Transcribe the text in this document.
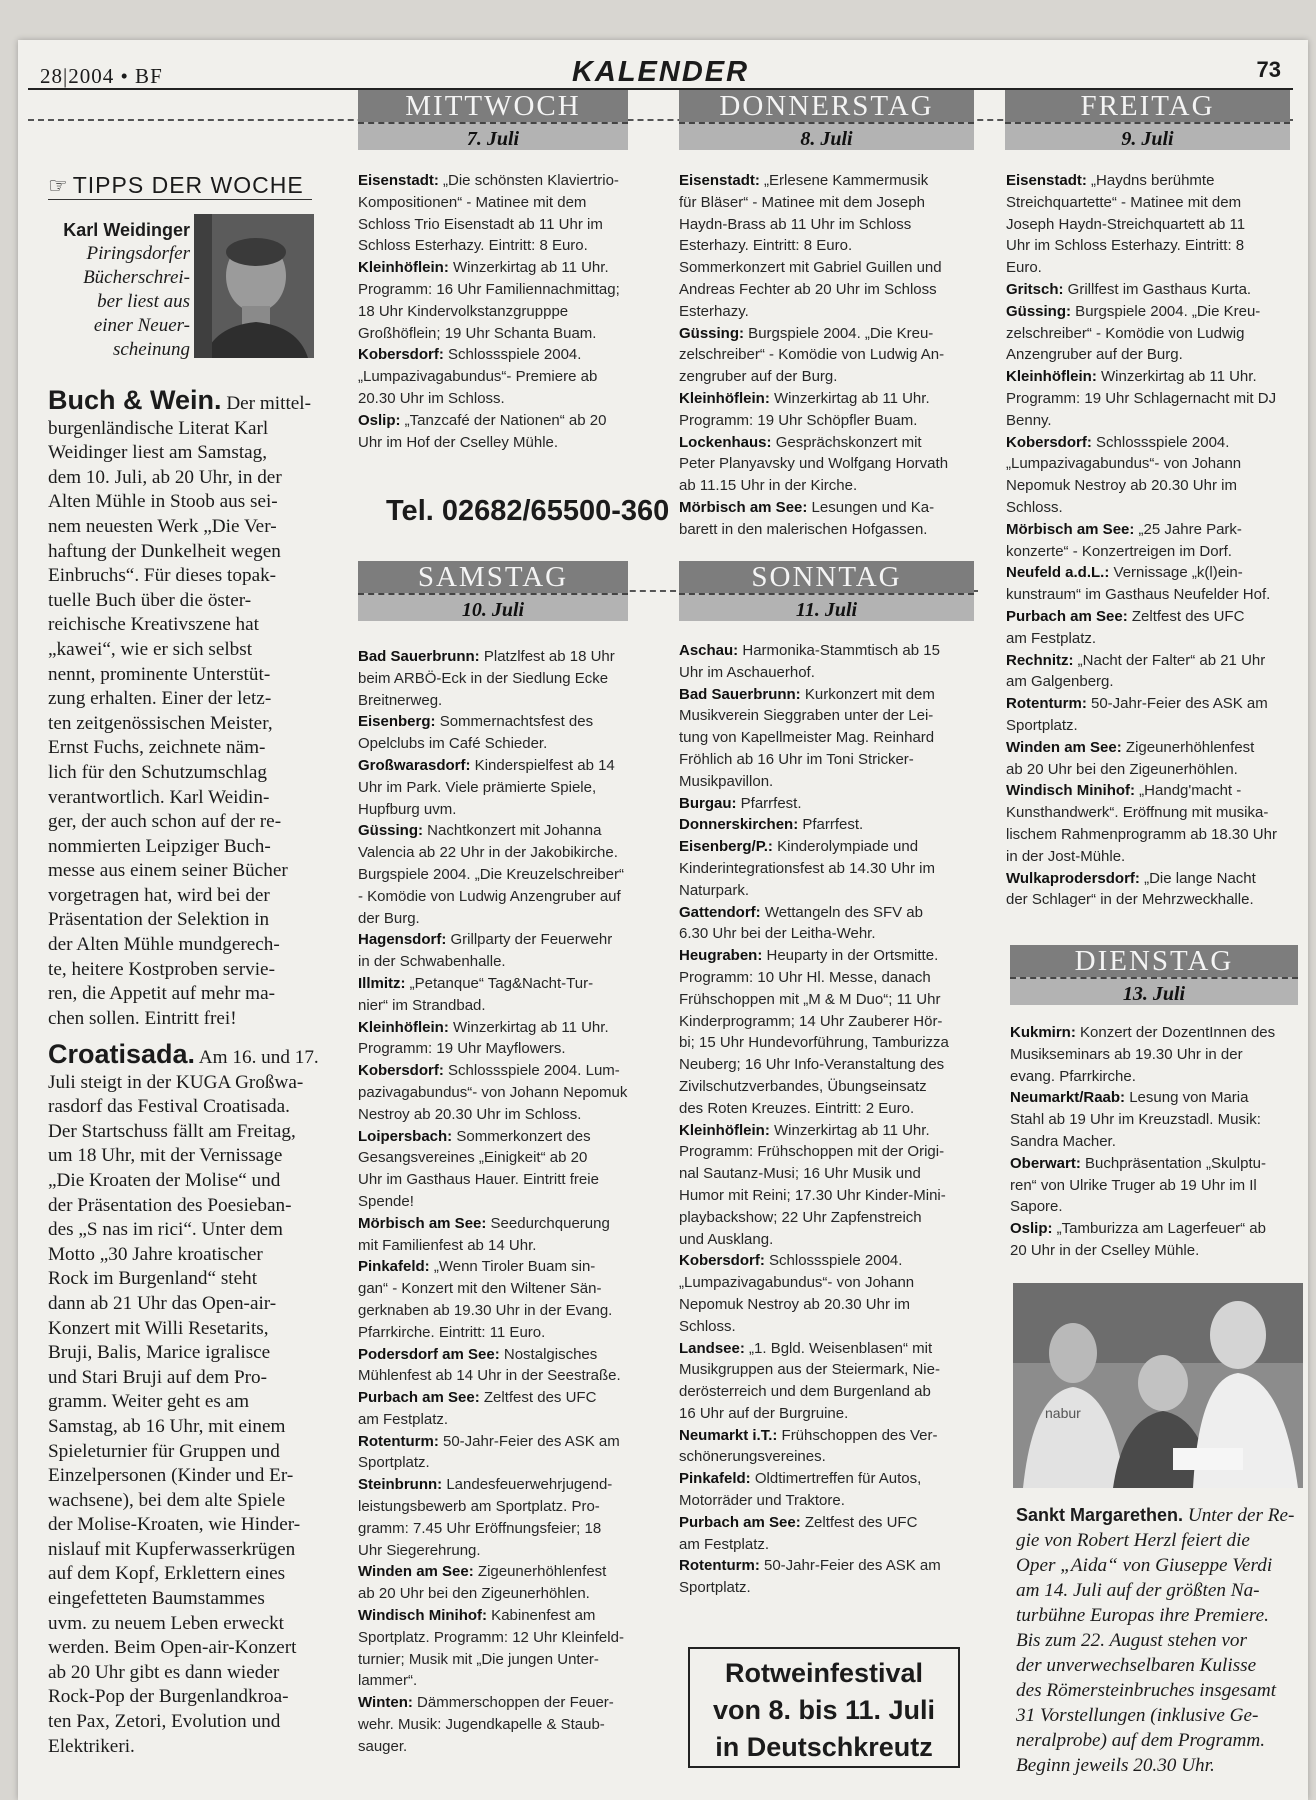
28|2004 • BF	KALENDER	73
MITTWOCH
7. Juli
DONNERSTAG
8. Juli
FREITAG
9. Juli
SAMSTAG
10. Juli
SONNTAG
11. Juli
DIENSTAG
13. Juli
☞ TIPPS DER WOCHE
Karl Weidinger
Piringsdorfer
Bücherschrei-
ber liest aus
einer Neuer-
scheinung
Buch & Wein. Der mittel-
burgenländische Literat Karl
Weidinger liest am Samstag,
dem 10. Juli, ab 20 Uhr, in der
Alten Mühle in Stoob aus sei-
nem neuesten Werk „Die Ver-
haftung der Dunkelheit wegen
Einbruchs“. Für dieses topak-
tuelle Buch über die öster-
reichische Kreativszene hat
„kawei“, wie er sich selbst
nennt, prominente Unterstüt-
zung erhalten. Einer der letz-
ten zeitgenössischen Meister,
Ernst Fuchs, zeichnete näm-
lich für den Schutzumschlag
verantwortlich. Karl Weidin-
ger, der auch schon auf der re-
nommierten Leipziger Buch-
messe aus einem seiner Bücher
vorgetragen hat, wird bei der
Präsentation der Selektion in
der Alten Mühle mundgerech-
te, heitere Kostproben servie-
ren, die Appetit auf mehr ma-
chen sollen. Eintritt frei!
Croatisada. Am 16. und 17.
Juli steigt in der KUGA Großwa-
rasdorf das Festival Croatisada.
Der Startschuss fällt am Freitag,
um 18 Uhr, mit der Vernissage
„Die Kroaten der Molise“ und
der Präsentation des Poesieban-
des „S nas im rici“. Unter dem
Motto „30 Jahre kroatischer
Rock im Burgenland“ steht
dann ab 21 Uhr das Open-air-
Konzert mit Willi Resetarits,
Bruji, Balis, Marice igralisce
und Stari Bruji auf dem Pro-
gramm. Weiter geht es am
Samstag, ab 16 Uhr, mit einem
Spieleturnier für Gruppen und
Einzelpersonen (Kinder und Er-
wachsene), bei dem alte Spiele
der Molise-Kroaten, wie Hinder-
nislauf mit Kupferwasserkrügen
auf dem Kopf, Erklettern eines
eingefetteten Baumstammes
uvm. zu neuem Leben erweckt
werden. Beim Open-air-Konzert
ab 20 Uhr gibt es dann wieder
Rock-Pop der Burgenlandkroa-
ten Pax, Zetori, Evolution und
Elektrikeri.

Eisenstadt: „Die schönsten Klaviertrio-

Kompositionen“ - Matinee mit dem

Schloss Trio Eisenstadt ab 11 Uhr im

Schloss Esterhazy. Eintritt: 8 Euro.

Kleinhöflein: Winzerkirtag ab 11 Uhr.

Programm: 16 Uhr Familiennachmittag;

18 Uhr Kindervolkstanzgrupppe

Großhöflein; 19 Uhr Schanta Buam.

Kobersdorf: Schlossspiele 2004.

„Lumpazivagabundus“- Premiere ab

20.30 Uhr im Schloss.

Oslip: „Tanzcafé der Nationen“ ab 20

Uhr im Hof der Cselley Mühle.

Tel. 02682/65500-360

Eisenstadt: „Erlesene Kammermusik

für Bläser“ - Matinee mit dem Joseph

Haydn-Brass ab 11 Uhr im Schloss

Esterhazy. Eintritt: 8 Euro.

Sommerkonzert mit Gabriel Guillen und

Andreas Fechter ab 20 Uhr im Schloss

Esterhazy.

Güssing: Burgspiele 2004. „Die Kreu-

zelschreiber“ - Komödie von Ludwig An-

zengruber auf der Burg.

Kleinhöflein: Winzerkirtag ab 11 Uhr.

Programm: 19 Uhr Schöpfler Buam.

Lockenhaus: Gesprächskonzert mit

Peter Planyavsky und Wolfgang Horvath

ab 11.15 Uhr in der Kirche.

Mörbisch am See: Lesungen und Ka-

barett in den malerischen Hofgassen.

Eisenstadt: „Haydns berühmte

Streichquartette“ - Matinee mit dem

Joseph Haydn-Streichquartett ab 11

Uhr im Schloss Esterhazy. Eintritt: 8

Euro.

Gritsch: Grillfest im Gasthaus Kurta.

Güssing: Burgspiele 2004. „Die Kreu-

zelschreiber“ - Komödie von Ludwig

Anzengruber auf der Burg.

Kleinhöflein: Winzerkirtag ab 11 Uhr.

Programm: 19 Uhr Schlagernacht mit DJ

Benny.

Kobersdorf: Schlossspiele 2004.

„Lumpazivagabundus“- von Johann

Nepomuk Nestroy ab 20.30 Uhr im

Schloss.

Mörbisch am See: „25 Jahre Park-

konzerte“ - Konzertreigen im Dorf.

Neufeld a.d.L.: Vernissage „k(l)ein-

kunstraum“ im Gasthaus Neufelder Hof.

Purbach am See: Zeltfest des UFC

am Festplatz.

Rechnitz: „Nacht der Falter“ ab 21 Uhr

am Galgenberg.

Rotenturm: 50-Jahr-Feier des ASK am

Sportplatz.

Winden am See: Zigeunerhöhlenfest

ab 20 Uhr bei den Zigeunerhöhlen.

Windisch Minihof: „Handg'macht -

Kunsthandwerk“. Eröffnung mit musika-

lischem Rahmenprogramm ab 18.30 Uhr

in der Jost-Mühle.

Wulkaprodersdorf: „Die lange Nacht

der Schlager“ in der Mehrzweckhalle.

Bad Sauerbrunn: Platzlfest ab 18 Uhr

beim ARBÖ-Eck in der Siedlung Ecke

Breitnerweg.

Eisenberg: Sommernachtsfest des

Opelclubs im Café Schieder.

Großwarasdorf: Kinderspielfest ab 14

Uhr im Park. Viele prämierte Spiele,

Hupfburg uvm.

Güssing: Nachtkonzert mit Johanna

Valencia ab 22 Uhr in der Jakobikirche.

Burgspiele 2004. „Die Kreuzelschreiber“

- Komödie von Ludwig Anzengruber auf

der Burg.

Hagensdorf: Grillparty der Feuerwehr

in der Schwabenhalle.

Illmitz: „Petanque“ Tag&Nacht-Tur-

nier“ im Strandbad.

Kleinhöflein: Winzerkirtag ab 11 Uhr.

Programm: 19 Uhr Mayflowers.

Kobersdorf: Schlossspiele 2004. Lum-

pazivagabundus“- von Johann Nepomuk

Nestroy ab 20.30 Uhr im Schloss.

Loipersbach: Sommerkonzert des

Gesangsvereines „Einigkeit“ ab 20

Uhr im Gasthaus Hauer. Eintritt freie

Spende!

Mörbisch am See: Seedurchquerung

mit Familienfest ab 14 Uhr.

Pinkafeld: „Wenn Tiroler Buam sin-

gan“ - Konzert mit den Wiltener Sän-

gerknaben ab 19.30 Uhr in der Evang.

Pfarrkirche. Eintritt: 11 Euro.

Podersdorf am See: Nostalgisches

Mühlenfest ab 14 Uhr in der Seestraße.

Purbach am See: Zeltfest des UFC

am Festplatz.

Rotenturm: 50-Jahr-Feier des ASK am

Sportplatz.

Steinbrunn: Landesfeuerwehrjugend-

leistungsbewerb am Sportplatz. Pro-

gramm: 7.45 Uhr Eröffnungsfeier; 18

Uhr Siegerehrung.

Winden am See: Zigeunerhöhlenfest

ab 20 Uhr bei den Zigeunerhöhlen.

Windisch Minihof: Kabinenfest am

Sportplatz. Programm: 12 Uhr Kleinfeld-

turnier; Musik mit „Die jungen Unter-

lammer“.

Winten: Dämmerschoppen der Feuer-

wehr. Musik: Jugendkapelle & Staub-

sauger.

Aschau: Harmonika-Stammtisch ab 15

Uhr im Aschauerhof.

Bad Sauerbrunn: Kurkonzert mit dem

Musikverein Sieggraben unter der Lei-

tung von Kapellmeister Mag. Reinhard

Fröhlich ab 16 Uhr im Toni Stricker-

Musikpavillon.

Burgau: Pfarrfest.

Donnerskirchen: Pfarrfest.

Eisenberg/P.: Kinderolympiade und

Kinderintegrationsfest ab 14.30 Uhr im

Naturpark.

Gattendorf: Wettangeln des SFV ab

6.30 Uhr bei der Leitha-Wehr.

Heugraben: Heuparty in der Ortsmitte.

Programm: 10 Uhr Hl. Messe, danach

Frühschoppen mit „M & M Duo“; 11 Uhr

Kinderprogramm; 14 Uhr Zauberer Hör-

bi; 15 Uhr Hundevorführung, Tamburizza

Neuberg; 16 Uhr Info-Veranstaltung des

Zivilschutzverbandes, Übungseinsatz

des Roten Kreuzes. Eintritt: 2 Euro.

Kleinhöflein: Winzerkirtag ab 11 Uhr.

Programm: Frühschoppen mit der Origi-

nal Sautanz-Musi; 16 Uhr Musik und

Humor mit Reini; 17.30 Uhr Kinder-Mini-

playbackshow; 22 Uhr Zapfenstreich

und Ausklang.

Kobersdorf: Schlossspiele 2004.

„Lumpazivagabundus“- von Johann

Nepomuk Nestroy ab 20.30 Uhr im

Schloss.

Landsee: „1. Bgld. Weisenblasen“ mit

Musikgruppen aus der Steiermark, Nie-

derösterreich und dem Burgenland ab

16 Uhr auf der Burgruine.

Neumarkt i.T.: Frühschoppen des Ver-

schönerungsvereines.

Pinkafeld: Oldtimertreffen für Autos,

Motorräder und Traktore.

Purbach am See: Zeltfest des UFC

am Festplatz.

Rotenturm: 50-Jahr-Feier des ASK am

Sportplatz.

Kukmirn: Konzert der DozentInnen des

Musikseminars ab 19.30 Uhr in der

evang. Pfarrkirche.

Neumarkt/Raab: Lesung von Maria

Stahl ab 19 Uhr im Kreuzstadl. Musik:

Sandra Macher.

Oberwart: Buchpräsentation „Skulptu-

ren“ von Ulrike Truger ab 19 Uhr im Il

Sapore.

Oslip: „Tamburizza am Lagerfeuer“ ab

20 Uhr in der Cselley Mühle.

Rotweinfestival
von 8. bis 11. Juli
in Deutschkreutz
nabur
Sankt Margarethen. Unter der Re-
gie von Robert Herzl feiert die
Oper „Aida“ von Giuseppe Verdi
am 14. Juli auf der größten Na-
turbühne Europas ihre Premiere.
Bis zum 22. August stehen vor
der unverwechselbaren Kulisse
des Römersteinbruches insgesamt
31 Vorstellungen (inklusive Ge-
neralprobe) auf dem Programm.
Beginn jeweils 20.30 Uhr.
